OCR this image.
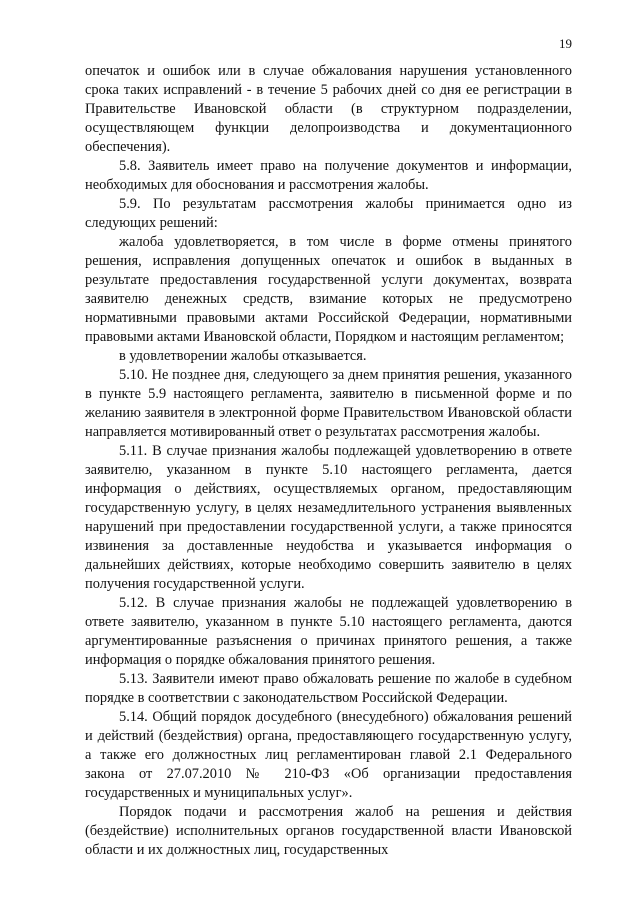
19

опечаток и ошибок или в случае обжалования нарушения установленного срока таких исправлений - в течение 5 рабочих дней со дня ее регистрации в Правительстве Ивановской области (в структурном подразделении, осуществляющем функции делопроизводства и документационного обеспечения).

5.8. Заявитель имеет право на получение документов и информации, необходимых для обоснования и рассмотрения жалобы.

5.9. По результатам рассмотрения жалобы принимается одно из следующих решений:

жалоба удовлетворяется, в том числе в форме отмены принятого решения, исправления допущенных опечаток и ошибок в выданных в результате предоставления государственной услуги документах, возврата заявителю денежных средств, взимание которых не предусмотрено нормативными правовыми актами Российской Федерации, нормативными правовыми актами Ивановской области, Порядком и настоящим регламентом;

в удовлетворении жалобы отказывается.

5.10. Не позднее дня, следующего за днем принятия решения, указанного в пункте 5.9 настоящего регламента, заявителю в письменной форме и по желанию заявителя в электронной форме Правительством Ивановской области направляется мотивированный ответ о результатах рассмотрения жалобы.

5.11. В случае признания жалобы подлежащей удовлетворению в ответе заявителю, указанном в пункте 5.10 настоящего регламента, дается информация о действиях, осуществляемых органом, предоставляющим государственную услугу, в целях незамедлительного устранения выявленных нарушений при предоставлении государственной услуги, а также приносятся извинения за доставленные неудобства и указывается информация о дальнейших действиях, которые необходимо совершить заявителю в целях получения государственной услуги.

5.12. В случае признания жалобы не подлежащей удовлетворению в ответе заявителю, указанном в пункте 5.10 настоящего регламента, даются аргументированные разъяснения о причинах принятого решения, а также информация о порядке обжалования принятого решения.

5.13. Заявители имеют право обжаловать решение по жалобе в судебном порядке в соответствии с законодательством Российской Федерации.

5.14. Общий порядок досудебного (внесудебного) обжалования решений и действий (бездействия) органа, предоставляющего государственную услугу, а также его должностных лиц регламентирован главой 2.1 Федерального закона от 27.07.2010 № 210-ФЗ «Об организации предоставления государственных и муниципальных услуг».

Порядок подачи и рассмотрения жалоб на решения и действия (бездействие) исполнительных органов государственной власти Ивановской области и их должностных лиц, государственных
